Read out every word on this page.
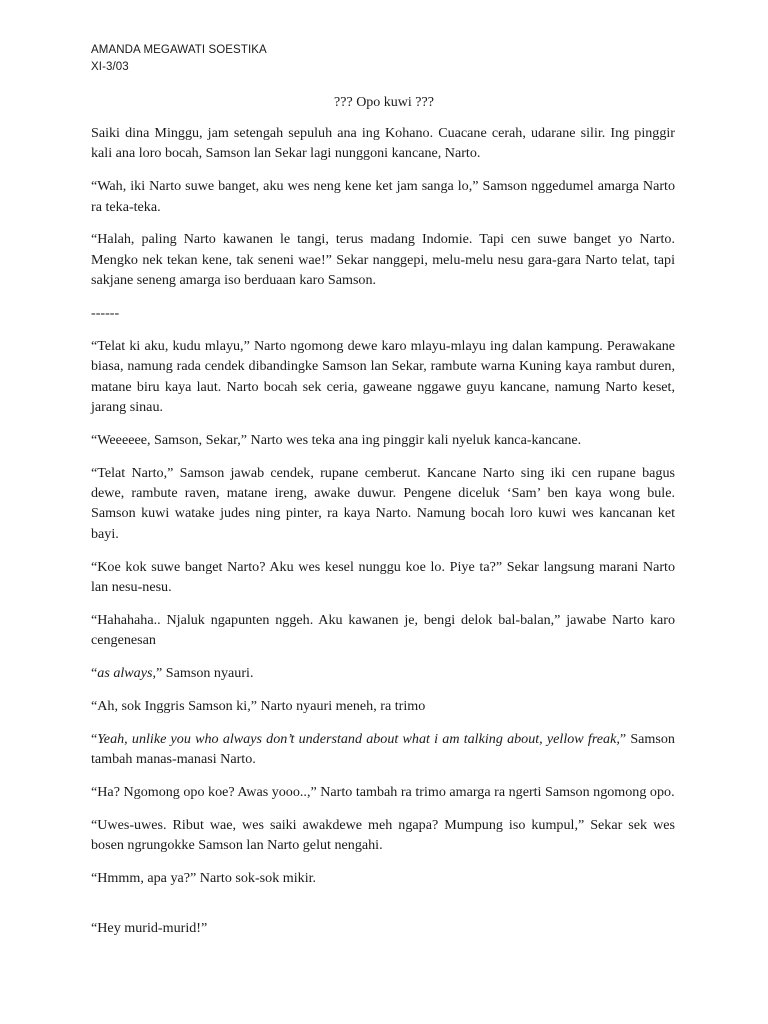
AMANDA MEGAWATI SOESTIKA
XI-3/03
??? Opo kuwi ???

Saiki dina Minggu, jam setengah sepuluh ana ing Kohano. Cuacane cerah, udarane silir. Ing pinggir kali ana loro bocah, Samson lan Sekar lagi nunggoni kancane, Narto.

“Wah, iki Narto suwe banget, aku wes neng kene ket jam sanga lo,” Samson nggedumel amarga Narto ra teka-teka.

“Halah, paling Narto kawanen le tangi, terus madang Indomie. Tapi cen suwe banget yo Narto. Mengko nek tekan kene, tak seneni wae!” Sekar nanggepi, melu-melu nesu gara-gara Narto telat, tapi sakjane seneng amarga iso berduaan karo Samson.

------

“Telat ki aku, kudu mlayu,” Narto ngomong dewe karo mlayu-mlayu ing dalan kampung. Perawakane biasa, namung rada cendek dibandingke Samson lan Sekar, rambute warna Kuning kaya rambut duren, matane biru kaya laut. Narto bocah sek ceria, gaweane nggawe guyu kancane, namung Narto keset, jarang sinau.

“Weeeeee, Samson, Sekar,” Narto wes teka ana ing pinggir kali nyeluk kanca-kancane.

“Telat Narto,” Samson jawab cendek, rupane cemberut. Kancane Narto sing iki cen rupane bagus dewe, rambute raven, matane ireng, awake duwur. Pengene diceluk ‘Sam’ ben kaya wong bule. Samson kuwi watake judes ning pinter, ra kaya Narto. Namung bocah loro kuwi wes kancanan ket bayi.

“Koe kok suwe banget Narto? Aku wes kesel nunggu koe lo. Piye ta?” Sekar langsung marani Narto lan nesu-nesu.

“Hahahaha.. Njaluk ngapunten nggeh. Aku kawanen je, bengi delok bal-balan,” jawabe Narto karo cengenesan

“as always,” Samson nyauri.

“Ah, sok Inggris Samson ki,” Narto nyauri meneh, ra trimo

“Yeah, unlike you who always don’t understand about what i am talking about, yellow freak,” Samson tambah manas-manasi Narto.

“Ha? Ngomong opo koe? Awas yooo..,” Narto tambah ra trimo amarga ra ngerti Samson ngomong opo.

“Uwes-uwes. Ribut wae, wes saiki awakdewe meh ngapa? Mumpung iso kumpul,” Sekar sek wes bosen ngrungokke Samson lan Narto gelut nengahi.

“Hmmm, apa ya?” Narto sok-sok mikir.

“Hey murid-murid!”
